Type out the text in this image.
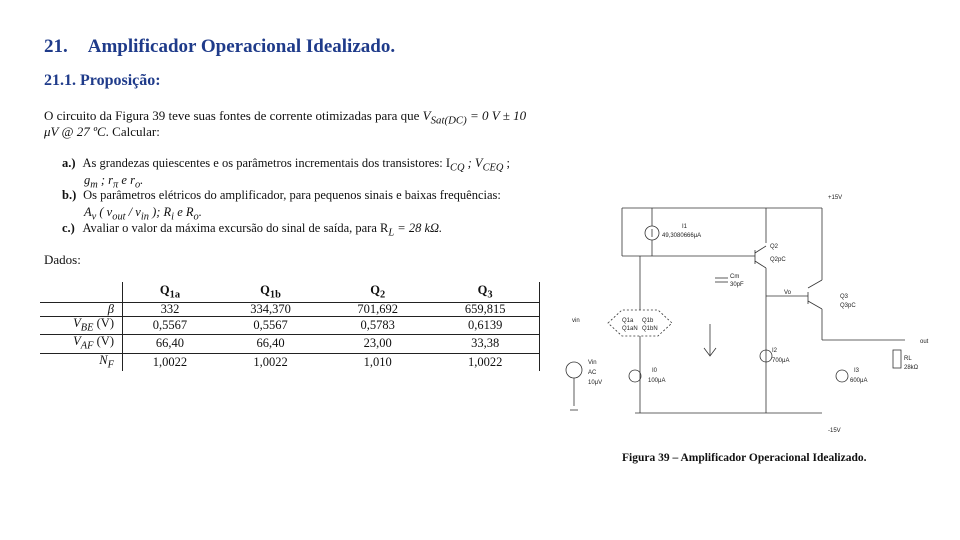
21. Amplificador Operacional Idealizado.
21.1. Proposição:
O circuito da Figura 39 teve suas fontes de corrente otimizadas para que $V_{Sat(DC)} = 0$ V ± 10
μV @ 27 ºC. Calcular:
a.) As grandezas quiescentes e os parâmetros incrementais dos transistores: $I_{CQ}$ ; $V_{CEQ}$ ;
$g_m$ ; $r_\pi$ e $r_o$.
b.) Os parâmetros elétricos do amplificador, para pequenos sinais e baixas frequências:
$A_v$ ( $\nu_{out} / \nu_{in}$ ); $R_i$ e $R_o$.
c.) Avaliar o valor da máxima excursão do sinal de saída, para $R_L = 28$ kΩ.
Dados:
	$Q_{1a}$	$Q_{1b}$	$Q_2$	$Q_3$
β	332	334,370	701,692	659,815
$V_{BE}$ (V)	0,5567	0,5567	0,5783	0,6139
$V_{AF}$ (V)	66,40	66,40	23,00	33,38
$N_F$	1,0022	1,0022	1,010	1,0022
+15V
-15V
I1
49,3080666μA
Q2
Q2pC
Cm
30pF
Q3
Q3pC
Vo
Q1a
Q1aN
Q1b
Q1bN
vin
I2
700μA
Vin
AC
10μV
I0
100μA
I3
600μA
out
RL
28kΩ
Figura 39 – Amplificador Operacional Idealizado.
